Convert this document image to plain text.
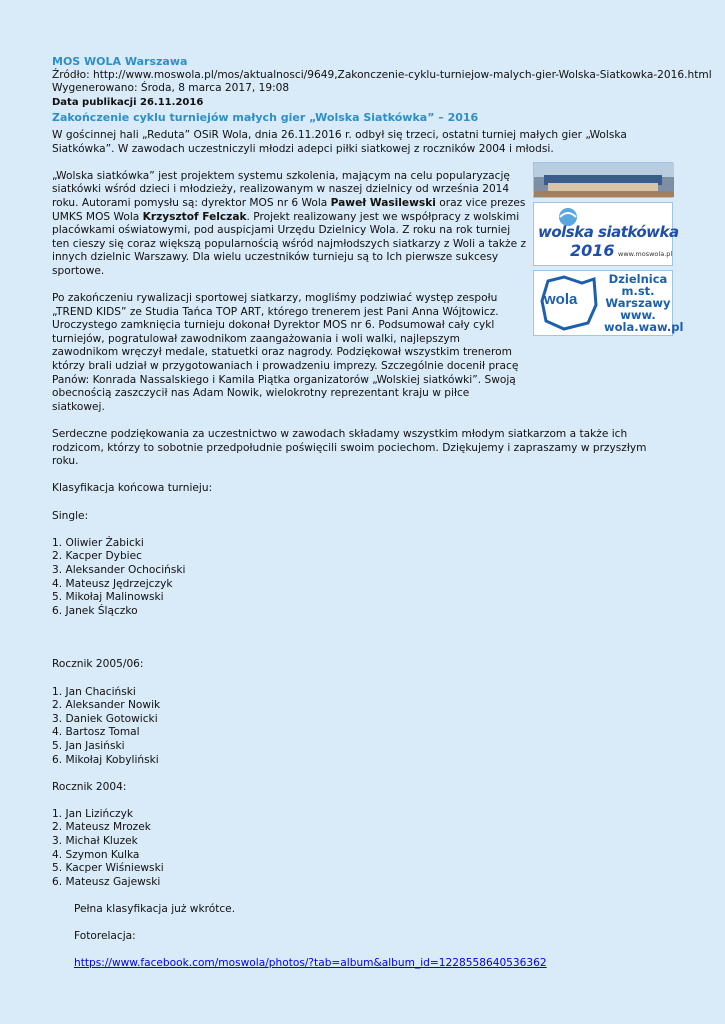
MOS WOLA Warszawa
Źródło: http://www.moswola.pl/mos/aktualnosci/9649,Zakonczenie-cyklu-turniejow-malych-gier-Wolska-Siatkowka-2016.html
Wygenerowano: Środa, 8 marca 2017, 19:08
Data publikacji 26.11.2016
Zakończenie cyklu turniejów małych gier „Wolska Siatkówka” – 2016

W gościnnej hali „Reduta” OSiR Wola, dnia 26.11.2016 r. odbył się trzeci, ostatni turniej małych gier „Wolska Siatkówka”. W zawodach uczestniczyli młodzi adepci piłki siatkowej z roczników 2004 i młodsi.

„Wolska siatkówka” jest projektem systemu szkolenia, mającym na celu popularyzację siatkówki wśród dzieci i młodzieży, realizowanym w naszej dzielnicy od września 2014 roku. Autorami pomysłu są: dyrektor MOS nr 6 Wola Paweł Wasilewski oraz vice prezes UMKS MOS Wola Krzysztof Felczak. Projekt realizowany jest we współpracy z wolskimi placówkami oświatowymi, pod auspicjami Urzędu Dzielnicy Wola. Z roku na rok turniej ten cieszy się coraz większą popularnością wśród najmłodszych siatkarzy z Woli a także z innych dzielnic Warszawy. Dla wielu uczestników turnieju są to Ich pierwsze sukcesy sportowe.

Po zakończeniu rywalizacji sportowej siatkarzy, mogliśmy podziwiać występ zespołu „TREND KIDS” ze Studia Tańca TOP ART, którego trenerem jest Pani Anna Wójtowicz. Uroczystego zamknięcia turnieju dokonał Dyrektor MOS nr 6. Podsumował cały cykl turniejów, pogratulował zawodnikom zaangażowania i woli walki, najlepszym zawodnikom wręczył medale, statuetki oraz nagrody. Podziękował wszystkim trenerom którzy brali udział w przygotowaniach i prowadzeniu imprezy. Szczególnie docenił pracę Panów: Konrada Nassalskiego i Kamila Piątka organizatorów „Wolskiej siatkówki”. Swoją obecnością zaszczycił nas Adam Nowik, wielokrotny reprezentant kraju w piłce siatkowej.

Serdeczne podziękowania za uczestnictwo w zawodach składamy wszystkim młodym siatkarzom a także ich rodzicom, którzy to sobotnie przedpołudnie poświęcili swoim pociechom. Dziękujemy i zapraszamy w przyszłym roku.

Klasyfikacja końcowa turnieju:

Single:

1. Oliwier Żabicki
2. Kacper Dybiec
3. Aleksander Ochociński
4. Mateusz Jędrzejczyk
5. Mikołaj Malinowski
6. Janek Ślączko

Rocznik 2005/06:

1. Jan Chaciński
2. Aleksander Nowik
3. Daniek Gotowicki
4. Bartosz Tomal
5. Jan Jasiński
6. Mikołaj Kobyliński

Rocznik 2004:

1. Jan Lizińczyk
2. Mateusz Mrozek
3. Michał Kluzek
4. Szymon Kulka
5. Kacper Wiśniewski
6. Mateusz Gajewski

Pełna klasyfikacja już wkrótce.

Fotorelacja:

https://www.facebook.com/moswola/photos/?tab=album&album_id=1228558640536362

wolska siatkówka
2016 www.moswola.pl
wola
Dzielnica
m.st.
Warszawy
www.
wola.waw.pl
